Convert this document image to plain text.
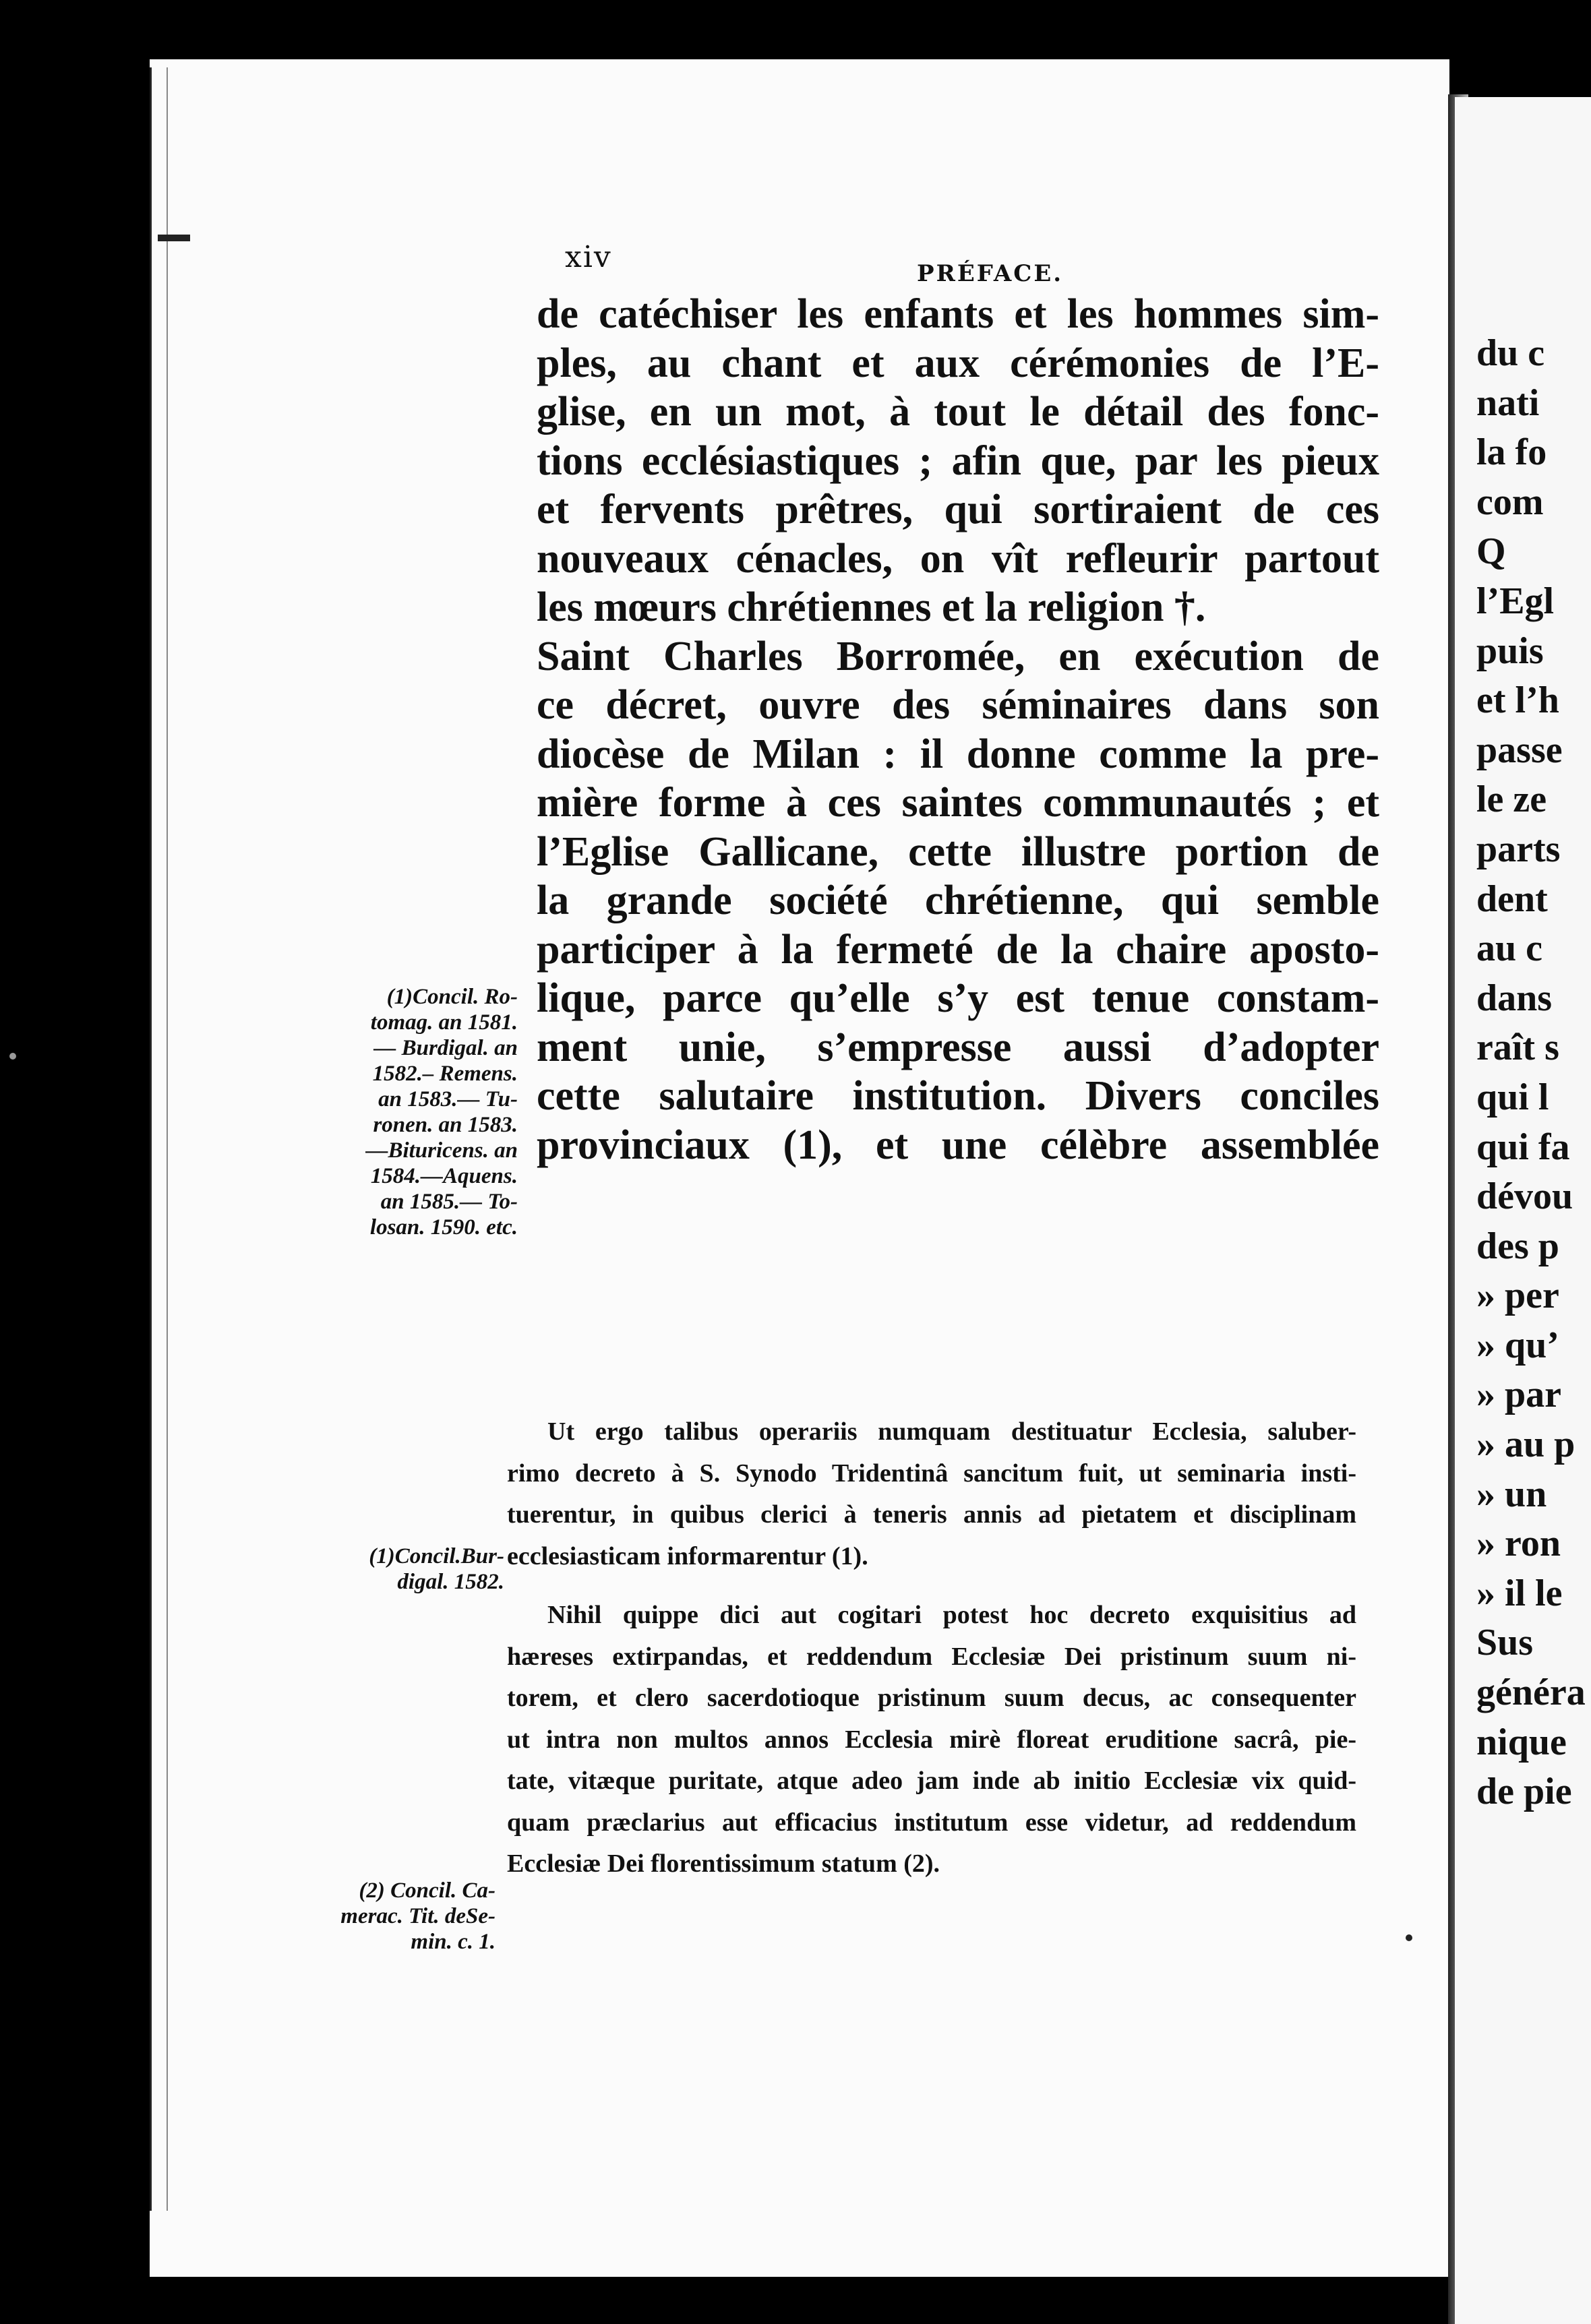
xiv	PRÉFACE.
de catéchiser les enfants et les hommes sim-
ples, au chant et aux cérémonies de l’E-
glise, en un mot, à tout le détail des fonc-
tions ecclésiastiques ; afin que, par les pieux
et fervents prêtres, qui sortiraient de ces
nouveaux cénacles, on vît refleurir partout
les mœurs chrétiennes et la religion †.
Saint Charles Borromée, en exécution de
ce décret, ouvre des séminaires dans son
diocèse de Milan : il donne comme la pre-
mière forme à ces saintes communautés ; et
l’Eglise Gallicane, cette illustre portion de
la grande société chrétienne, qui semble
participer à la fermeté de la chaire aposto-
lique, parce qu’elle s’y est tenue constam-
ment unie, s’empresse aussi d’adopter
cette salutaire institution. Divers conciles
provinciaux (1), et une célèbre assemblée
Ut ergo talibus operariis numquam destituatur Ecclesia, saluber-
rimo decreto à S. Synodo Tridentinâ sancitum fuit, ut seminaria insti-
tuerentur, in quibus clerici à teneris annis ad pietatem et disciplinam
ecclesiasticam informarentur (1).
Nihil quippe dici aut cogitari potest hoc decreto exquisitius ad
hæreses extirpandas, et reddendum Ecclesiæ Dei pristinum suum ni-
torem, et clero sacerdotioque pristinum suum decus, ac consequenter
ut intra non multos annos Ecclesia mirè floreat eruditione sacrâ, pie-
tate, vitæque puritate, atque adeo jam inde ab initio Ecclesiæ vix quid-
quam præclarius aut efficacius institutum esse videtur, ad reddendum
Ecclesiæ Dei florentissimum statum (2).
(1)Concil. Ro-
tomag. an 1581.
— Burdigal. an
1582.– Remens.
an 1583.— Tu-
ronen. an 1583.
—Bituricens. an
1584.—Aquens.
an 1585.— To-
losan. 1590. etc.
(1)Concil.Bur-
digal. 1582.
(2) Concil. Ca-
merac. Tit. deSe-
min. c. 1.
du c
nati
la fo
com
Q
l’Egl
puis
et l’h
passe
le ze
parts
dent
au c
dans
raît s
qui l
qui fa
dévou
des p
» per
» qu’
» par
» au p
» un
» ron
» il le
Sus
généra
nique
de pie
